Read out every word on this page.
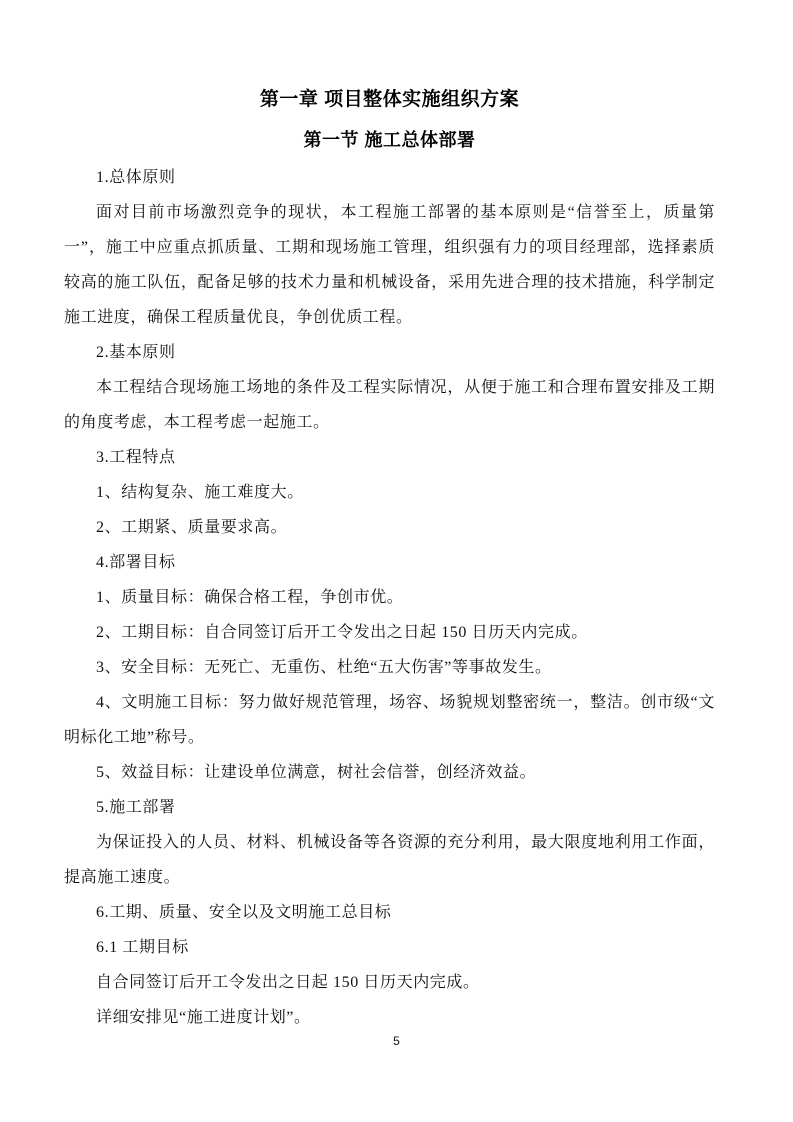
第一章 项目整体实施组织方案
第一节 施工总体部署

1.总体原则

面对目前市场激烈竞争的现状，本工程施工部署的基本原则是“信誉至上，质量第一”，施工中应重点抓质量、工期和现场施工管理，组织强有力的项目经理部，选择素质较高的施工队伍，配备足够的技术力量和机械设备，采用先进合理的技术措施，科学制定施工进度，确保工程质量优良，争创优质工程。

2.基本原则

本工程结合现场施工场地的条件及工程实际情况，从便于施工和合理布置安排及工期的角度考虑，本工程考虑一起施工。

3.工程特点

1、结构复杂、施工难度大。

2、工期紧、质量要求高。

4.部署目标

1、质量目标：确保合格工程，争创市优。

2、工期目标：自合同签订后开工令发出之日起 150 日历天内完成。

3、安全目标：无死亡、无重伤、杜绝“五大伤害”等事故发生。

4、文明施工目标：努力做好规范管理，场容、场貌规划整密统一，整洁。创市级“文明标化工地”称号。

5、效益目标：让建设单位满意，树社会信誉，创经济效益。

5.施工部署

为保证投入的人员、材料、机械设备等各资源的充分利用，最大限度地利用工作面，提高施工速度。

6.工期、质量、安全以及文明施工总目标

6.1 工期目标

自合同签订后开工令发出之日起 150 日历天内完成。

详细安排见“施工进度计划”。

5
